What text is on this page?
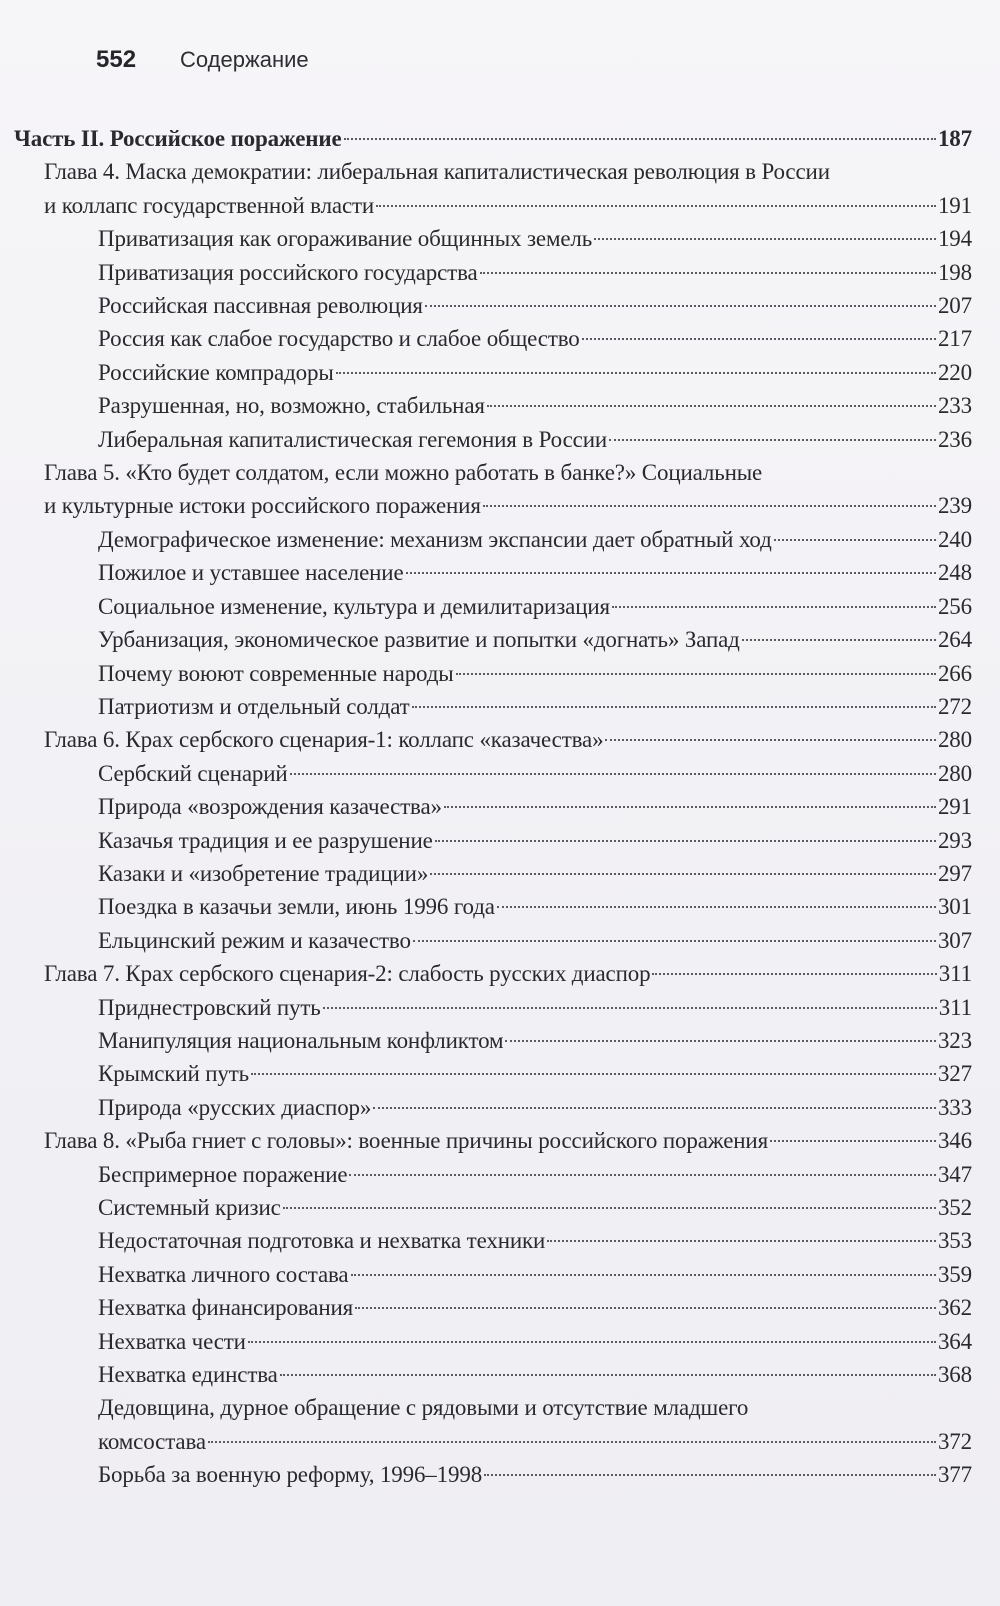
552 Содержание
Часть II. Российское поражение	187
Глава 4. Маска демократии: либеральная капиталистическая революция в России
и коллапс государственной власти	191
Приватизация как огораживание общинных земель	194
Приватизация российского государства	198
Российская пассивная революция	207
Россия как слабое государство и слабое общество	217
Российские компрадоры	220
Разрушенная, но, возможно, стабильная	233
Либеральная капиталистическая гегемония в России	236
Глава 5. «Кто будет солдатом, если можно работать в банке?» Социальные
и культурные истоки российского поражения	239
Демографическое изменение: механизм экспансии дает обратный ход	240
Пожилое и уставшее население	248
Социальное изменение, культура и демилитаризация	256
Урбанизация, экономическое развитие и попытки «догнать» Запад	264
Почему воюют современные народы	266
Патриотизм и отдельный солдат	272
Глава 6. Крах сербского сценария-1: коллапс «казачества»	280
Сербский сценарий	280
Природа «возрождения казачества»	291
Казачья традиция и ее разрушение	293
Казаки и «изобретение традиции»	297
Поездка в казачьи земли, июнь 1996 года	301
Ельцинский режим и казачество	307
Глава 7. Крах сербского сценария-2: слабость русских диаспор	311
Приднестровский путь	311
Манипуляция национальным конфликтом	323
Крымский путь	327
Природа «русских диаспор»	333
Глава 8. «Рыба гниет с головы»: военные причины российского поражения	346
Беспримерное поражение	347
Системный кризис	352
Недостаточная подготовка и нехватка техники	353
Нехватка личного состава	359
Нехватка финансирования	362
Нехватка чести	364
Нехватка единства	368
Дедовщина, дурное обращение с рядовыми и отсутствие младшего
комсостава	372
Борьба за военную реформу, 1996–1998	377
